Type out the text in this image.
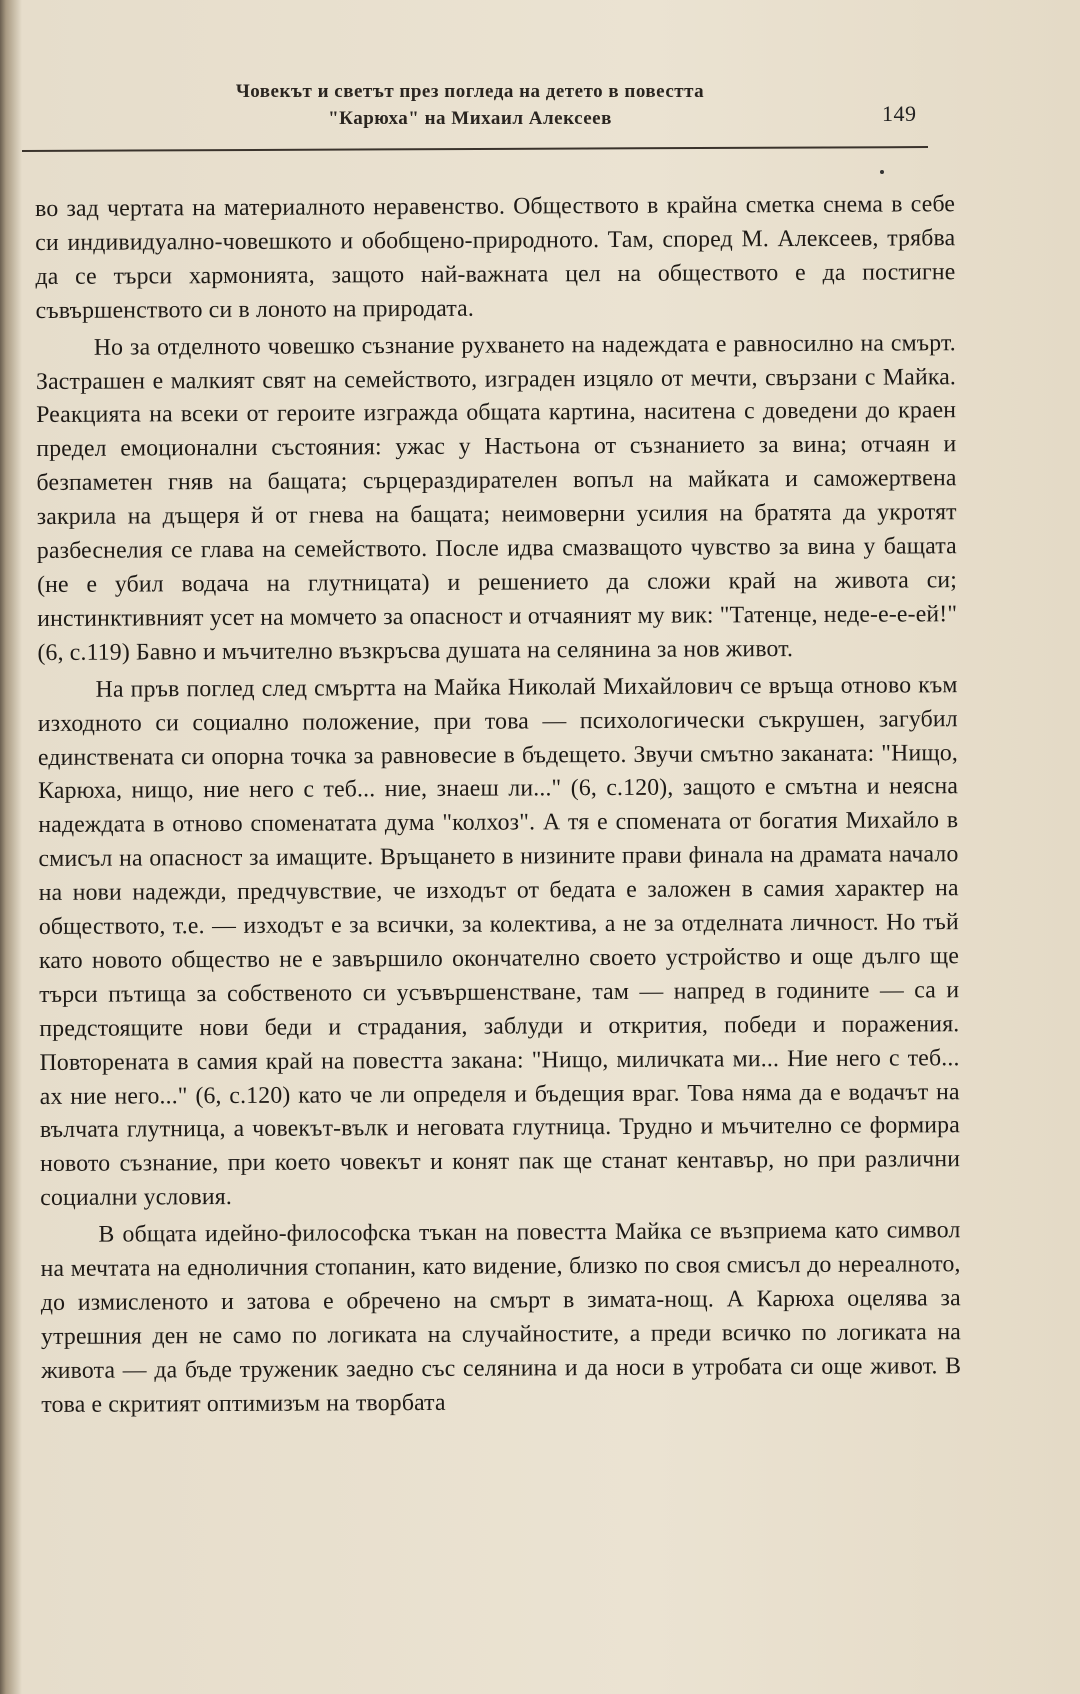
Човекът и светът през погледа на детето в повестта
"Карюха" на Михаил Алексеев	149

во зад чертата на материалното неравенство. Обществото в крайна сметка снема в себе си индивидуално-човешкото и обобщено-природното. Там, според М. Алексеев, трябва да се търси хармонията, защото най-важната цел на обществото е да постигне съвършенството си в лоното на природата.

Но за отделното човешко съзнание рухването на надеждата е равносилно на смърт. Застрашен е малкият свят на семейството, изграден изцяло от мечти, свързани с Майка. Реакцията на всеки от героите изгражда общата картина, наситена с доведени до краен предел емоционални състояния: ужас у Настьона от съзнанието за вина; отчаян и безпаметен гняв на бащата; сърцераздирателен вопъл на майката и саможертвена закрила на дъщеря й от гнева на бащата; неимоверни усилия на братята да укротят разбеснелия се глава на семейството. После идва смазващото чувство за вина у бащата (не е убил водача на глутницата) и решението да сложи край на живота си; инстинктивният усет на момчето за опасност и отчаяният му вик: "Татенце, неде-е-е-ей!" (6, с.119) Бавно и мъчително възкръсва душата на селянина за нов живот.

На пръв поглед след смъртта на Майка Николай Михайлович се връща отново към изходното си социално положение, при това — психологически съкрушен, загубил единствената си опорна точка за равновесие в бъдещето. Звучи смътно заканата: "Нищо, Карюха, нищо, ние него с теб... ние, знаеш ли..." (6, с.120), защото е смътна и неясна надеждата в отново споменатата дума "колхоз". А тя е спомената от богатия Михайло в смисъл на опасност за имащите. Връщането в низините прави финала на драмата начало на нови надежди, предчувствие, че изходът от бедата е заложен в самия характер на обществото, т.е. — изходът е за всички, за колектива, а не за отделната личност. Но тъй като новото общество не е завършило окончателно своето устройство и още дълго ще търси пътища за собственото си усъвършенстване, там — напред в годините — са и предстоящите нови беди и страдания, заблуди и открития, победи и поражения. Повторената в самия край на повестта закана: "Нищо, миличката ми... Ние него с теб... ах ние него..." (6, с.120) като че ли определя и бъдещия враг. Това няма да е водачът на вълчата глутница, а човекът-вълк и неговата глутница. Трудно и мъчително се формира новото съзнание, при което човекът и конят пак ще станат кентавър, но при различни социални условия.

В общата идейно-философска тъкан на повестта Майка се възприема като символ на мечтата на едноличния стопанин, като видение, близко по своя смисъл до нереалното, до измисленото и затова е обречено на смърт в зимата-нощ. А Карюха оцелява за утрешния ден не само по логиката на случайностите, а преди всичко по логиката на живота — да бъде труженик заедно със селянина и да носи в утробата си още живот. В това е скритият оптимизъм на творбата
